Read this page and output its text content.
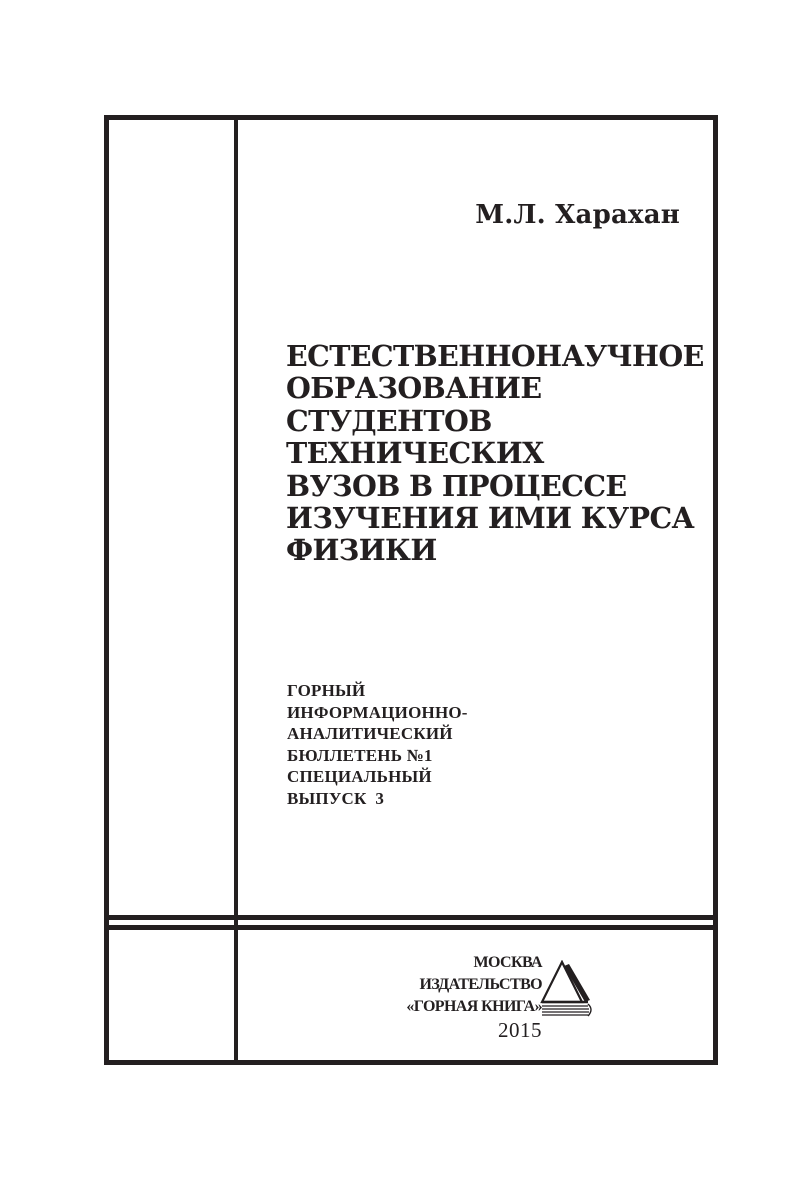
М.Л. Харахан
ЕСТЕСТВЕННОНАУЧНОЕ
ОБРАЗОВАНИЕ
СТУДЕНТОВ
ТЕХНИЧЕСКИХ
ВУЗОВ В ПРОЦЕССЕ
ИЗУЧЕНИЯ ИМИ КУРСА
ФИЗИКИ
ГОРНЫЙ
ИНФОРМАЦИОННО-
АНАЛИТИЧЕСКИЙ
БЮЛЛЕТЕНЬ №1
СПЕЦИАЛЬНЫЙ
ВЫПУСК  3
МОСКВА
ИЗДАТЕЛЬСТВО
«ГОРНАЯ КНИГА»
2015
